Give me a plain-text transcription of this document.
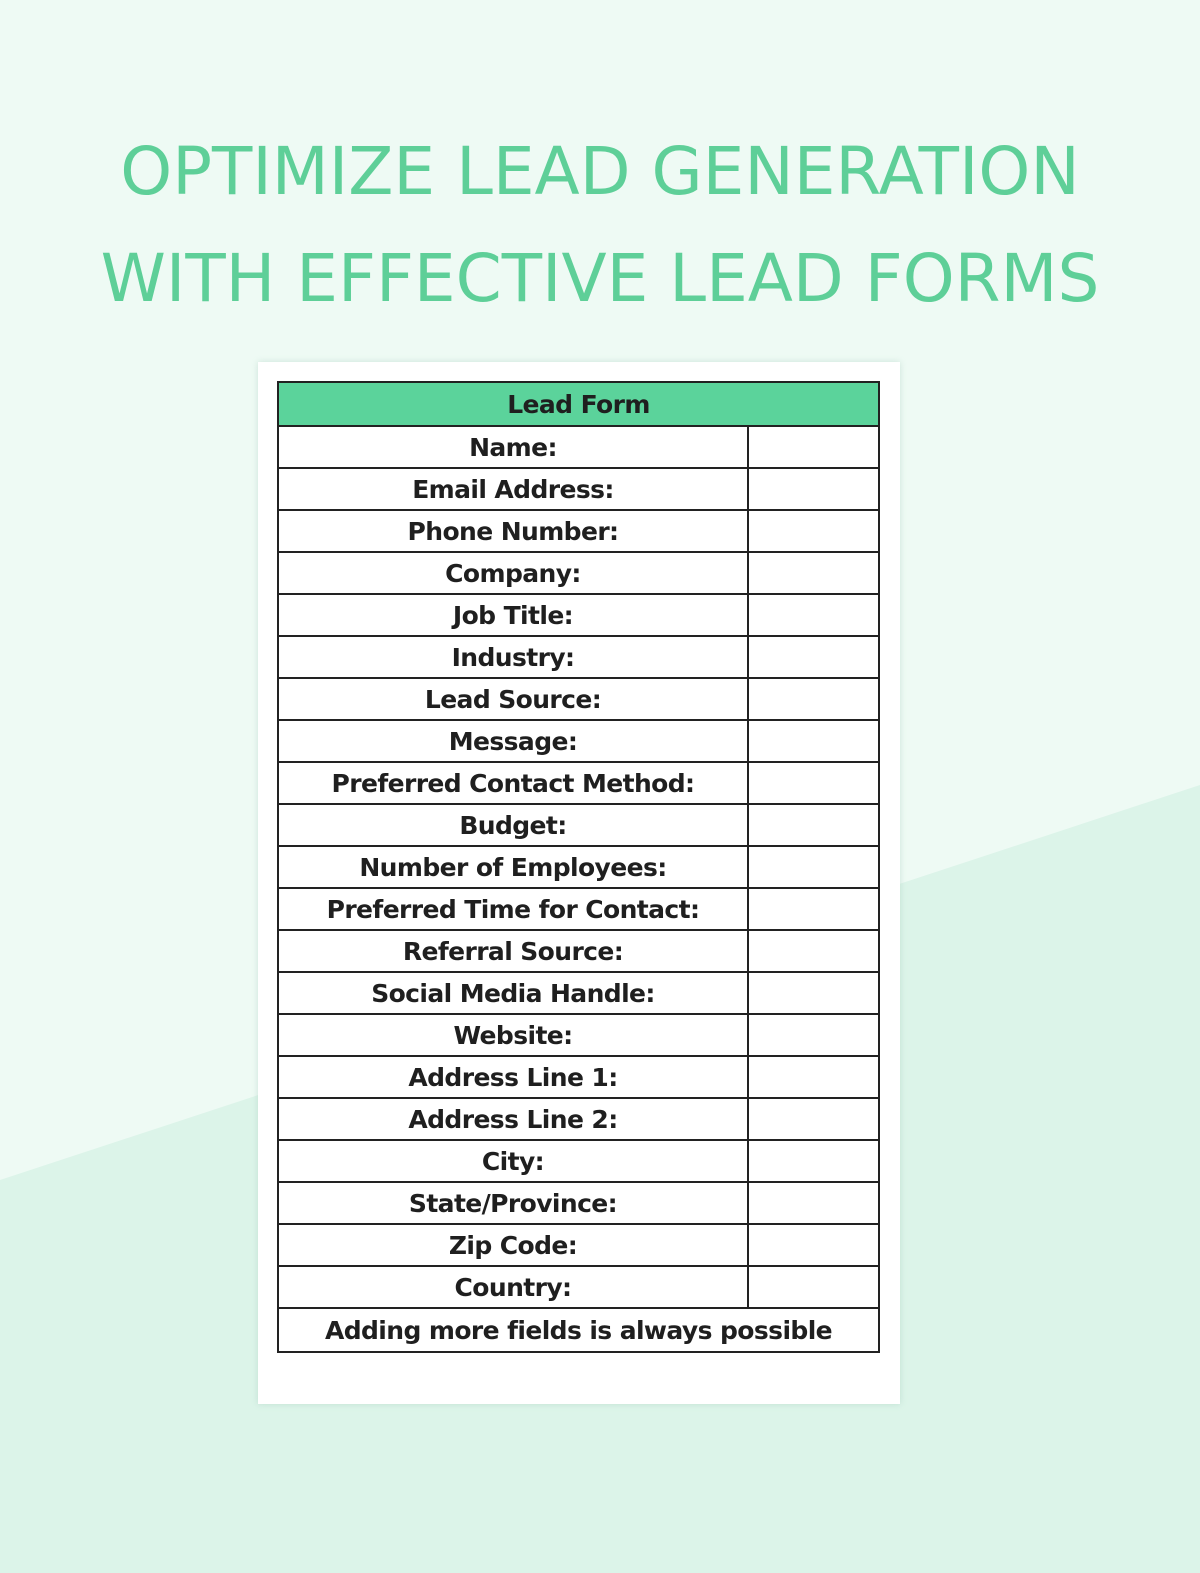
OPTIMIZE LEAD GENERATION
WITH EFFECTIVE LEAD FORMS
Lead Form	
Name:	
Email Address:	
Phone Number:	
Company:	
Job Title:	
Industry:	
Lead Source:	
Message:	
Preferred Contact Method:	
Budget:	
Number of Employees:	
Preferred Time for Contact:	
Referral Source:	
Social Media Handle:	
Website:	
Address Line 1:	
Address Line 2:	
City:	
State/Province:	
Zip Code:	
Country:	
Adding more fields is always possible	
